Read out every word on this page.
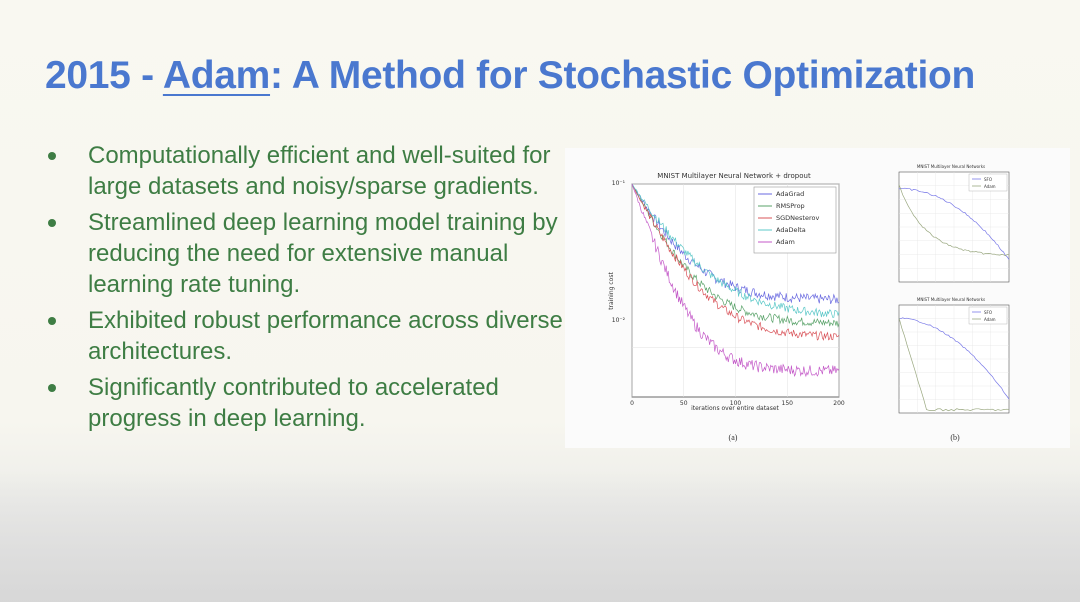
2015 - Adam: A Method for Stochastic Optimization
Computationally efficient and well-suited for large datasets and noisy/sparse gradients.
Streamlined deep learning model training by reducing the need for extensive manual learning rate tuning.
Exhibited robust performance across diverse architectures.
Significantly contributed to accelerated progress in deep learning.
MNIST Multilayer Neural Network + dropout
0	50	100	150	200
10⁻¹
10⁻²
iterations over entire dataset
training cost
AdaGrad
RMSProp
SGDNesterov
AdaDelta
Adam
(a)
MNIST Multilayer Neural Networks
SFO
Adam
MNIST Multilayer Neural Networks
SFO
Adam
(b)
